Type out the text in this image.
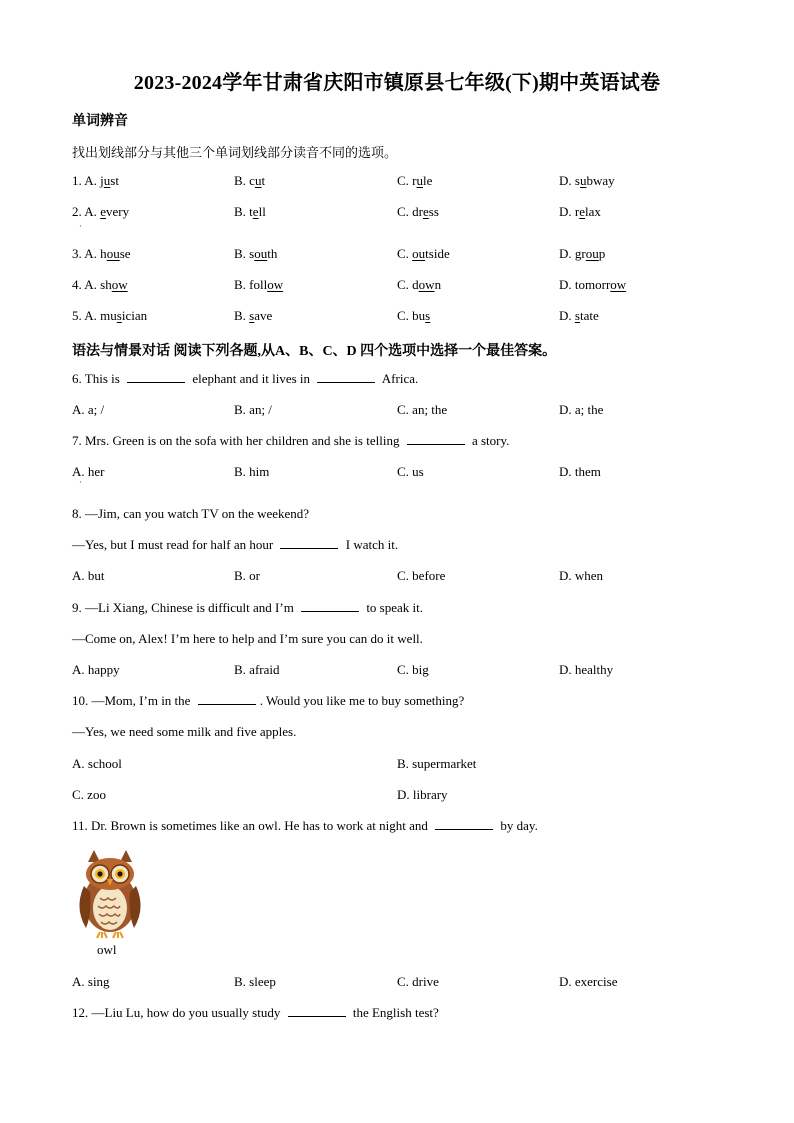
2023-2024学年甘肃省庆阳市镇原县七年级(下)期中英语试卷
单词辨音
找出划线部分与其他三个单词划线部分读音不同的选项。
1. A. just	B. cut	C. rule	D. subway
2. A. every	B. tell	C. dress	D. relax
3. A. house	B. south	C. outside	D. group
4. A. show	B. follow	C. down	D. tomorrow
5. A. musician	B. save	C. bus	D. state
·
语法与情景对话 阅读下列各题,从A、B、C、D 四个选项中选择一个最佳答案。
6. This is	elephant and it lives in	Africa.
A. a; /	B. an; /	C. an; the	D. a; the
7. Mrs. Green is on the sofa with her children and she is telling	a story.
A. her	B. him	C. us	D. them
·
8. —Jim, can you watch TV on the weekend?
—Yes, but I must read for half an hour	I watch it.
A. but	B. or	C. before	D. when
9. —Li Xiang, Chinese is difficult and I’m	to speak it.
—Come on, Alex! I’m here to help and I’m sure you can do it well.
A. happy	B. afraid	C. big	D. healthy
10. —Mom, I’m in the	. Would you like me to buy something?
—Yes, we need some milk and five apples.
A. school	B. supermarket
C. zoo	D. library
11. Dr. Brown is sometimes like an owl. He has to work at night and	by day.
owl
A. sing	B. sleep	C. drive	D. exercise
12. —Liu Lu, how do you usually study	the English test?
